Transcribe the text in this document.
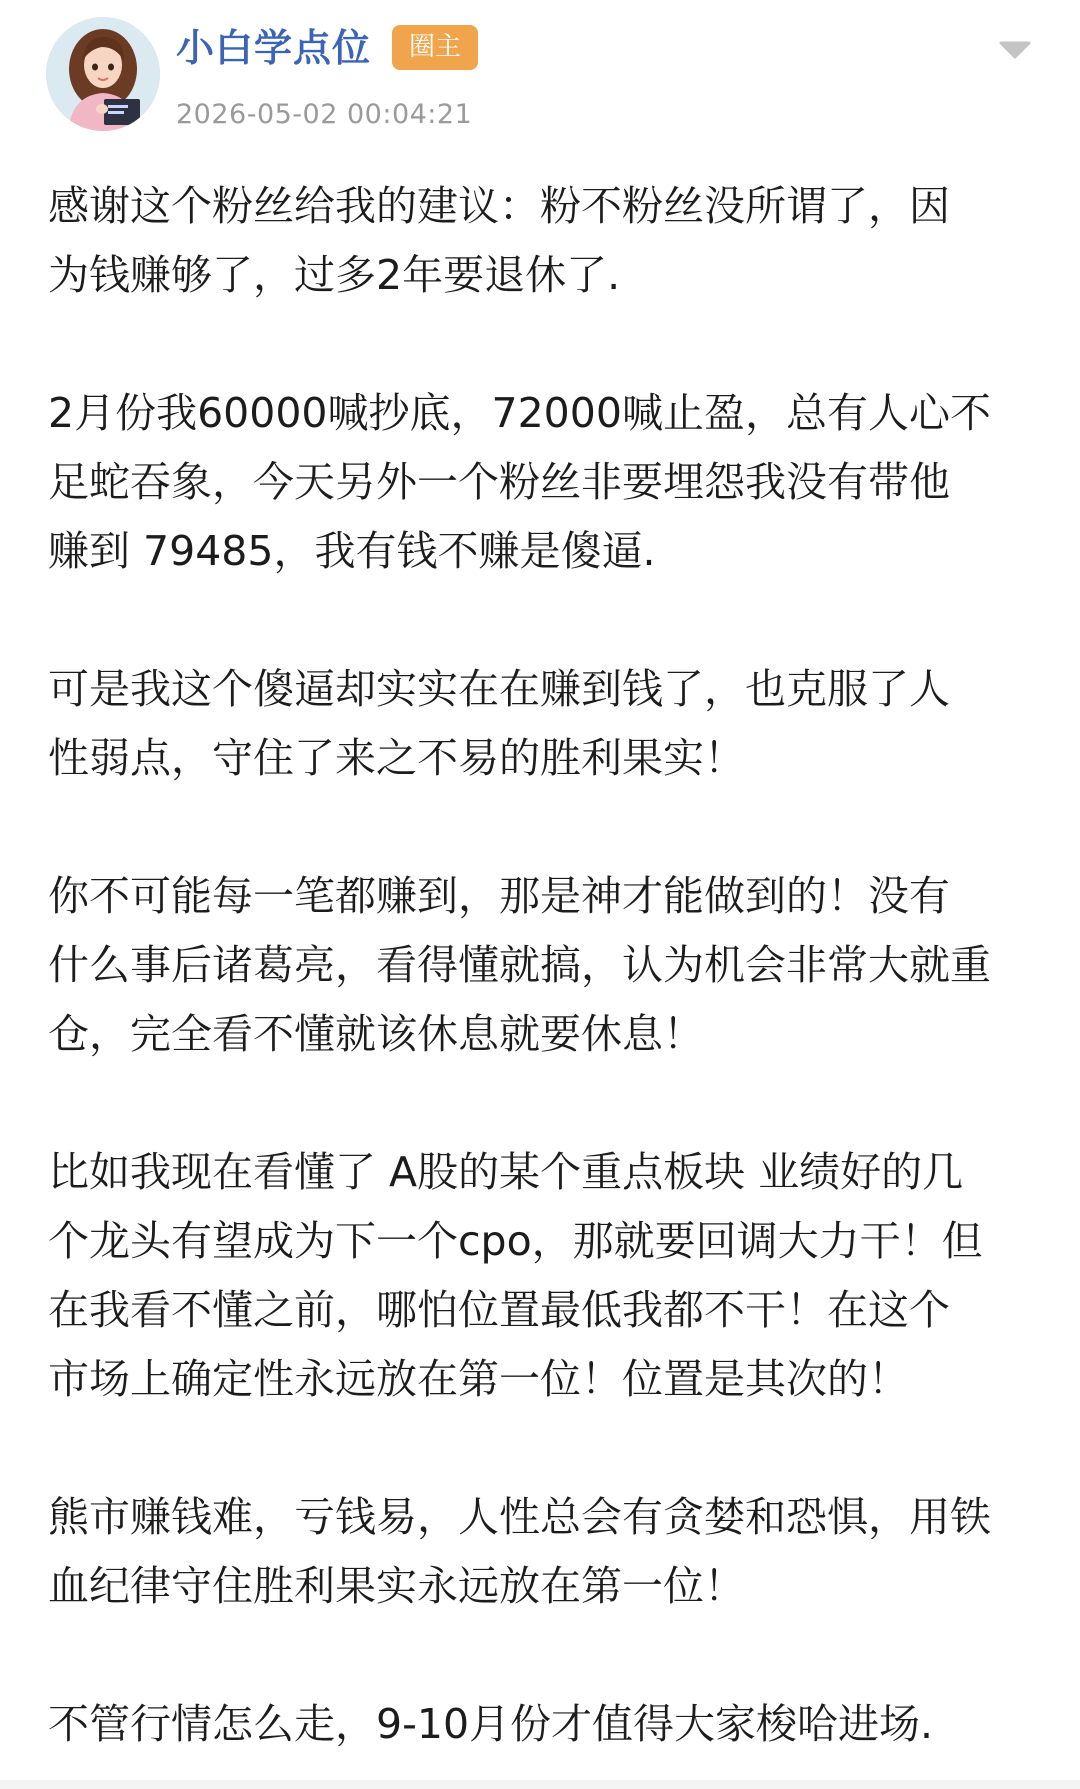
小白学点位	圈主
2026-05-02 00:04:21
感谢这个粉丝给我的建议：粉不粉丝没所谓了，因
为钱赚够了，过多2年要退休了.
2月份我60000喊抄底，72000喊止盈，总有人心不
足蛇吞象，今天另外一个粉丝非要埋怨我没有带他
赚到 79485，我有钱不赚是傻逼.
可是我这个傻逼却实实在在赚到钱了，也克服了人
性弱点，守住了来之不易的胜利果实！
你不可能每一笔都赚到，那是神才能做到的！没有
什么事后诸葛亮，看得懂就搞，认为机会非常大就重
仓，完全看不懂就该休息就要休息！
比如我现在看懂了 A股的某个重点板块 业绩好的几
个龙头有望成为下一个cpo，那就要回调大力干！但
在我看不懂之前，哪怕位置最低我都不干！在这个
市场上确定性永远放在第一位！位置是其次的！
熊市赚钱难，亏钱易，人性总会有贪婪和恐惧，用铁
血纪律守住胜利果实永远放在第一位！
不管行情怎么走，9-10月份才值得大家梭哈进场.
